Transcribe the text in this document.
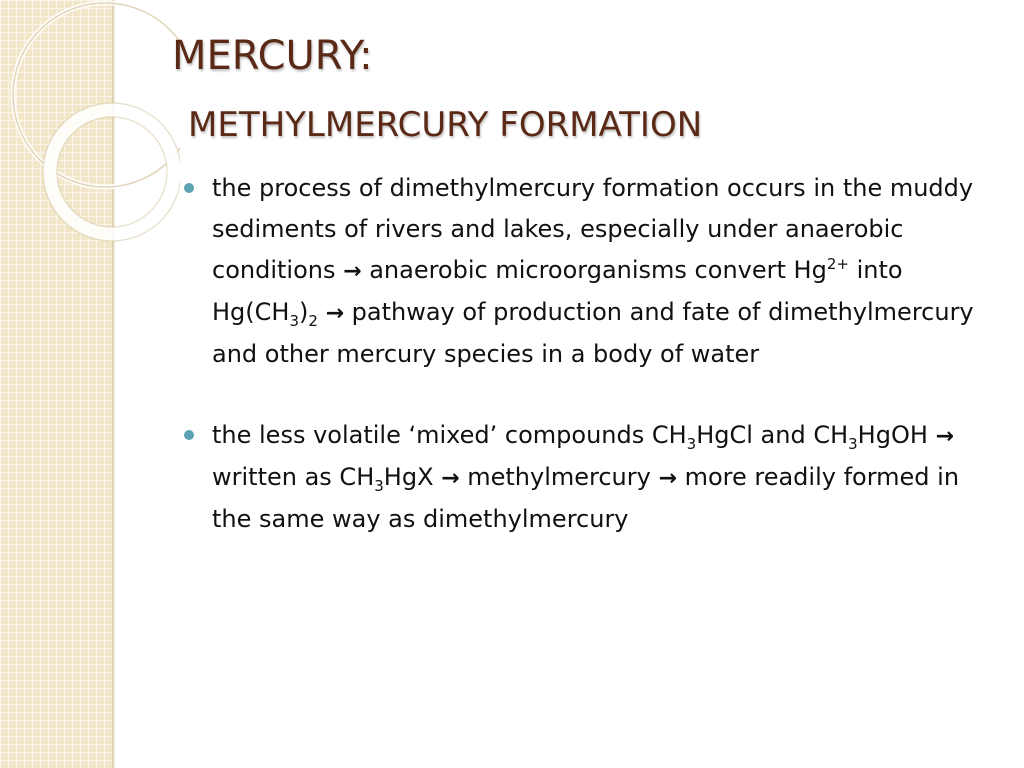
MERCURY:
METHYLMERCURY FORMATION
the process of dimethylmercury formation occurs in the muddy sediments of rivers and lakes, especially under anaerobic conditions → anaerobic microorganisms convert $Hg^{2+}$ into $Hg(CH_3)_2$ → pathway of production and fate of dimethylmercury and other mercury species in a body of water
the less volatile ‘mixed’ compounds $CH_3HgCl$ and $CH_3HgOH$ → written as $CH_3HgX$ → methylmercury → more readily formed in the same way as dimethylmercury
